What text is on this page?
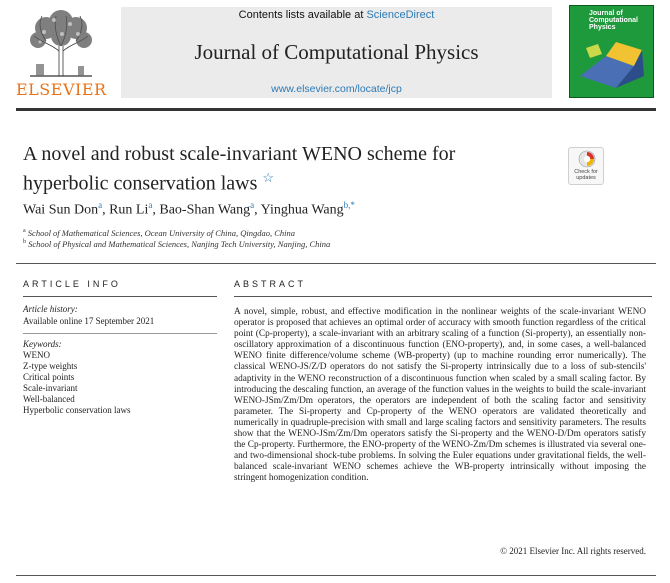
ELSEVIER
Contents lists available at ScienceDirect
Journal of Computational Physics
www.elsevier.com/locate/jcp
Journal of Computational Physics
A novel and robust scale-invariant WENO scheme for hyperbolic conservation laws ☆	Check for updates
Wai Sun Don$^a$, Run Li$^a$, Bao-Shan Wang$^a$, Yinghua Wang$^{b,*}$
$^a$ School of Mathematical Sciences, Ocean University of China, Qingdao, China
$^b$ School of Physical and Mathematical Sciences, Nanjing Tech University, Nanjing, China
ARTICLE INFO
Article history:
Available online 17 September 2021
Keywords:
WENO
Z-type weights
Critical points
Scale-invariant
Well-balanced
Hyperbolic conservation laws
ABSTRACT
A novel, simple, robust, and effective modification in the nonlinear weights of the scale-invariant WENO operator is proposed that achieves an optimal order of accuracy with smooth function regardless of the critical point (Cp-property), a scale-invariant with an arbitrary scaling of a function (Si-property), an essentially non-oscillatory approximation of a discontinuous function (ENO-property), and, in some cases, a well-balanced WENO finite difference/volume scheme (WB-property) (up to machine rounding error numerically). The classical WENO-JS/Z/D operators do not satisfy the Si-property intrinsically due to a loss of sub-stencils' adaptivity in the WENO reconstruction of a discontinuous function when scaled by a small scaling factor. By introducing the descaling function, an average of the function values in the weights to build the scale-invariant WENO-JSm/Zm/Dm operators, the operators are independent of both the scaling factor and sensitivity parameter. The Si-property and Cp-property of the WENO operators are validated theoretically and numerically in quadruple-precision with small and large scaling factors and sensitivity parameters. The results show that the WENO-JSm/Zm/Dm operators satisfy the Si-property and the WENO-D/Dm operators satisfy the Cp-property. Furthermore, the ENO-property of the WENO-Zm/Dm schemes is illustrated via several one- and two-dimensional shock-tube problems. In solving the Euler equations under gravitational fields, the well-balanced scale-invariant WENO schemes achieve the WB-property intrinsically without imposing the stringent homogenization condition.
© 2021 Elsevier Inc. All rights reserved.
